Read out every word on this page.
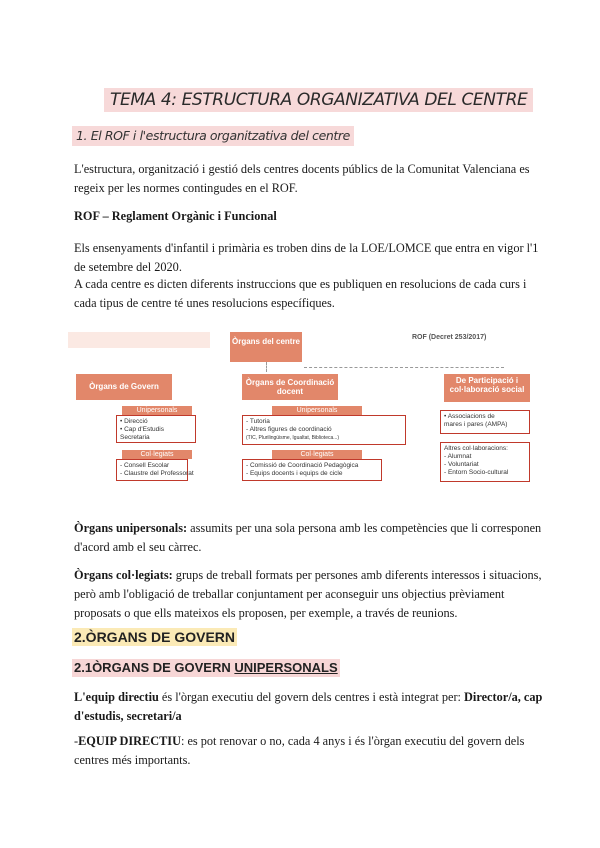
TEMA 4: ESTRUCTURA ORGANIZATIVA DEL CENTRE
1. El ROF i l'estructura organitzativa del centre
L'estructura, organització i gestió dels centres docents públics de la Comunitat Valenciana es regeix per les normes contingudes en el ROF.
ROF – Reglament Orgànic i Funcional
Els ensenyaments d'infantil i primària es troben dins de la LOE/LOMCE que entra en vigor l'1 de setembre del 2020.
A cada centre es dicten diferents instruccions que es publiquen en resolucions de cada curs i cada tipus de centre té unes resolucions específiques.
Òrgans del centre	ROF (Decret 253/2017)
Òrgans de Govern
Unipersonals
• Direcció
• Cap d'Estudis
Secretaria
Col·legiats
- Consell Escolar
- Claustre del Professorat
Òrgans de Coordinació docent
Unipersonals
- Tutoria
- Altres figures de coordinació
(TIC, Plurilingüisme, Igualtat, Biblioteca...)
Col·legiats
- Comissió de Coordinació Pedagògica
- Equips docents i equips de cicle
De Participació i col·laboració social
• Associacions de
mares i pares (AMPA)
Altres col·laboracions:
- Alumnat
- Voluntariat
- Entorn Socio-cultural
Òrgans unipersonals: assumits per una sola persona amb les competències que li corresponen d'acord amb el seu càrrec.
Òrgans col·legiats: grups de treball formats per persones amb diferents interessos i situacions, però amb l'obligació de treballar conjuntament per aconseguir uns objectius prèviament proposats o que ells mateixos els proposen, per exemple, a través de reunions.
2.ÒRGANS DE GOVERN
2.1ÒRGANS DE GOVERN UNIPERSONALS
L'equip directiu és l'òrgan executiu del govern dels centres i està integrat per: Director/a, cap d'estudis, secretari/a
-EQUIP DIRECTIU: es pot renovar o no, cada 4 anys i és l'òrgan executiu del govern dels centres més importants.
